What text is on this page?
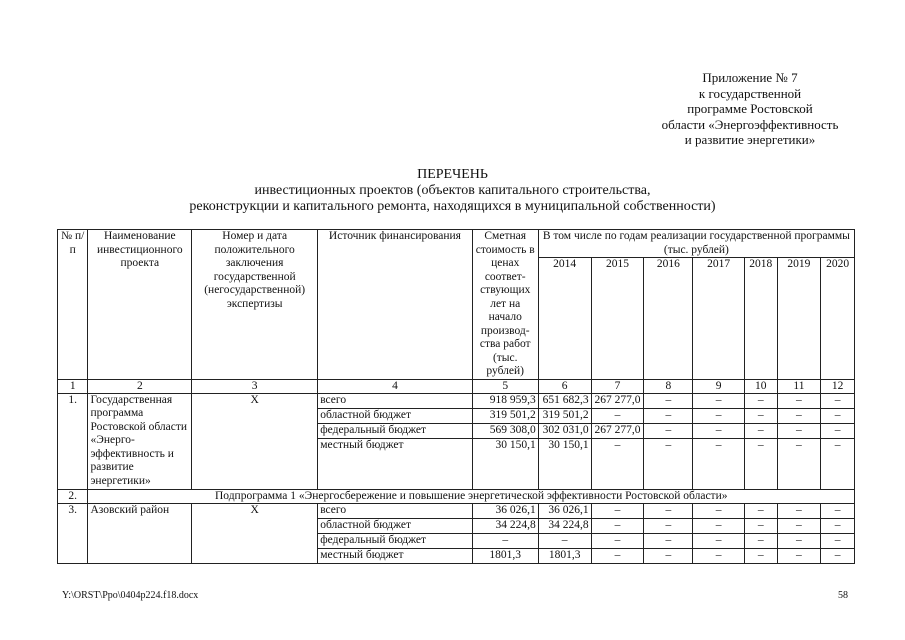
Приложение № 7
к государственной
программе Ростовской
области «Энергоэффективность
и развитие энергетики»
ПЕРЕЧЕНЬ
инвестиционных проектов (объектов капитального строительства,
реконструкции и капитального ремонта, находящихся в муниципальной собственности)
№ п/п	Наименование инвестиционного проекта	Номер и дата положительного заключения государственной (негосударственной) экспертизы	Источник финансирования	Сметная стоимость в ценах соответ-ствующих лет на начало производ-ства работ (тыс. рублей)	В том числе по годам реализации государственной программы (тыс. рублей)						
					2014	2015	2016	2017	2018	2019	2020
1	2	3	4	5	6	7	8	9	10	11	12
1.	Государственная программа Ростовской области «Энерго-эффективность и развитие энергетики»	Х	всего	918 959,3	651 682,3	267 277,0	–	–	–	–	–
			областной бюджет	319 501,2	319 501,2	–	–	–	–	–	–
			федеральный бюджет	569 308,0	302 031,0	267 277,0	–	–	–	–	–
			местный бюджет	30 150,1	30 150,1	–	–	–	–	–	–
2.	Подпрограмма 1 «Энергосбережение и повышение энергетической эффективности Ростовской области»										
3.	Азовский район	Х	всего	36 026,1	36 026,1	–	–	–	–	–	–
			областной бюджет	34 224,8	34 224,8	–	–	–	–	–	–
			федеральный бюджет	–	–	–	–	–	–	–	–
			местный бюджет	1801,3	1801,3	–	–	–	–	–	–
Y:\ORST\Ppo\0404p224.f18.docx	58
